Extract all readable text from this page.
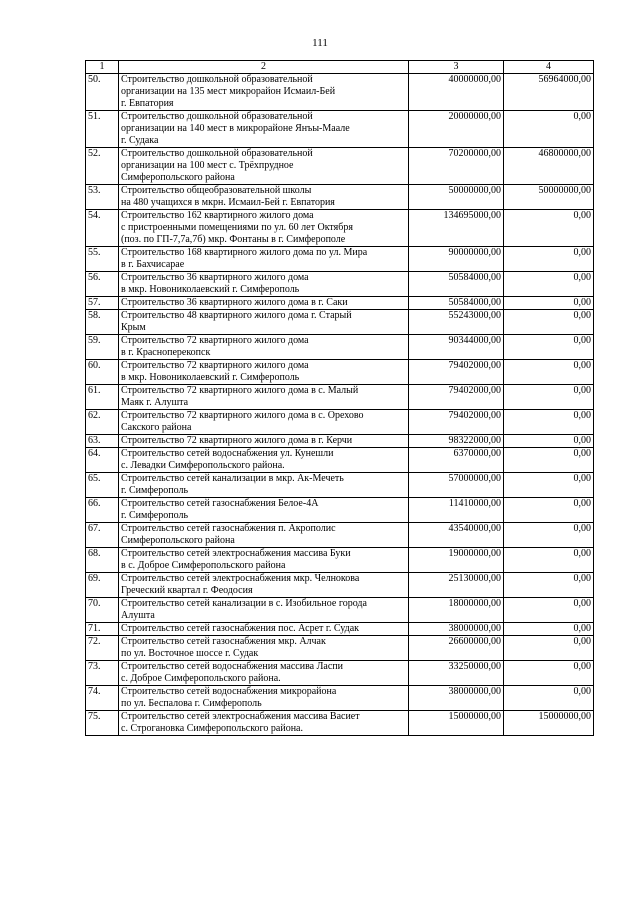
111
1	2	3	4
50.	Строительство дошкольной образовательной
организации на 135 мест микрорайон Исмаил-Бей
г. Евпатория	40000000,00	56964000,00
51.	Строительство дошкольной образовательной
организации на 140 мест в микрорайоне Янъы-Маале
г. Судака	20000000,00	0,00
52.	Строительство дошкольной образовательной
организации на 100 мест с. Трёхпрудное
Симферопольского района	70200000,00	46800000,00
53.	Строительство общеобразовательной школы
на 480 учащихся в мкрн. Исмаил-Бей г. Евпатория	50000000,00	50000000,00
54.	Строительство 162 квартирного жилого дома
с пристроенными помещениями по ул. 60 лет Октября
(поз. по ГП-7,7а,7б) мкр. Фонтаны в г. Симферополе	134695000,00	0,00
55.	Строительство 168 квартирного жилого дома по ул. Мира
в г. Бахчисарае	90000000,00	0,00
56.	Строительство 36 квартирного жилого дома
в мкр. Новониколаевский г. Симферополь	50584000,00	0,00
57.	Строительство 36 квартирного жилого дома в г. Саки	50584000,00	0,00
58.	Строительство 48 квартирного жилого дома г. Старый
Крым	55243000,00	0,00
59.	Строительство 72 квартирного жилого дома
в г. Красноперекопск	90344000,00	0,00
60.	Строительство 72 квартирного жилого дома
в мкр. Новониколаевский г. Симферополь	79402000,00	0,00
61.	Строительство 72 квартирного жилого дома в с. Малый
Маяк г. Алушта	79402000,00	0,00
62.	Строительство 72 квартирного жилого дома в с. Орехово
Сакского района	79402000,00	0,00
63.	Строительство 72 квартирного жилого дома в г. Керчи	98322000,00	0,00
64.	Строительство сетей водоснабжения ул. Кунешли
с. Левадки Симферопольского района.	6370000,00	0,00
65.	Строительство сетей канализации в мкр. Ак-Мечеть
г. Симферополь	57000000,00	0,00
66.	Строительство сетей газоснабжения Белое-4А
г. Симферополь	11410000,00	0,00
67.	Строительство сетей газоснабжения п. Акрополис
Симферопольского района	43540000,00	0,00
68.	Строительство сетей электроснабжения массива Буки
в с. Доброе Симферопольского района	19000000,00	0,00
69.	Строительство сетей электроснабжения мкр. Челнокова
Греческий квартал г. Феодосия	25130000,00	0,00
70.	Строительство сетей канализации в с. Изобильное города
Алушта	18000000,00	0,00
71.	Строительство сетей газоснабжения пос. Асрет г. Судак	38000000,00	0,00
72.	Строительство сетей газоснабжения мкр. Алчак
по ул. Восточное шоссе г. Судак	26600000,00	0,00
73.	Строительство сетей водоснабжения массива Ласпи
с. Доброе Симферопольского района.	33250000,00	0,00
74.	Строительство сетей водоснабжения микрорайона
по ул. Беспалова г. Симферополь	38000000,00	0,00
75.	Строительство сетей электроснабжения массива Васиет
с. Строгановка Симферопольского района.	15000000,00	15000000,00
